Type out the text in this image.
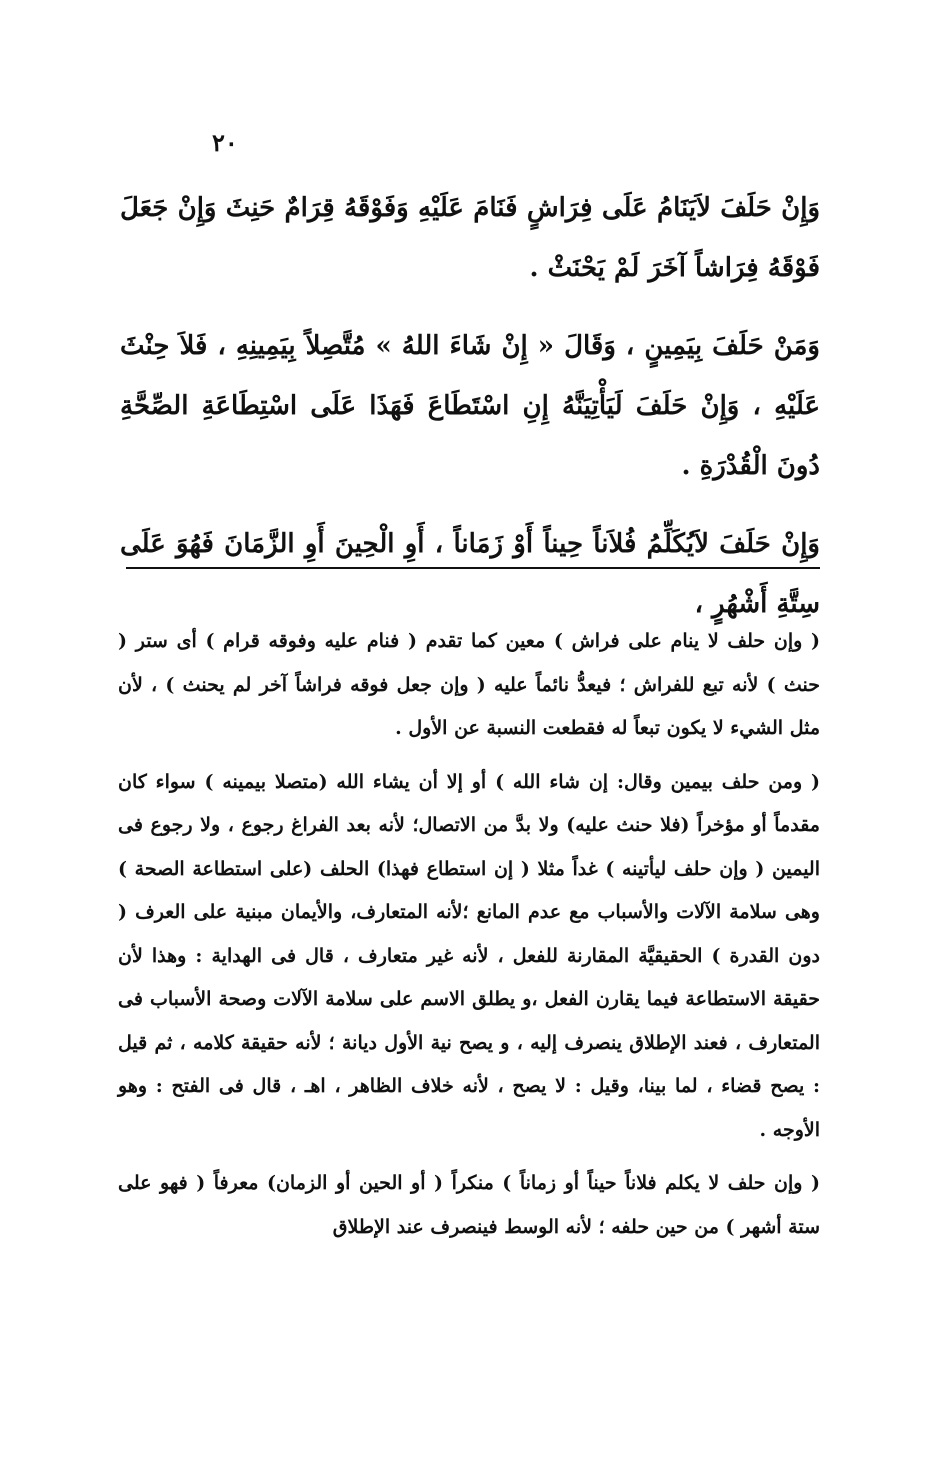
٢٠

وَإِنْ حَلَفَ لاَيَنَامُ عَلَى فِرَاشٍ فَنَامَ عَلَيْهِ وَفَوْقَهُ قِرَامٌ حَنِثَ وَإِنْ جَعَلَ فَوْقَهُ فِرَاشاً آخَرَ لَمْ يَحْنَثْ .

وَمَنْ حَلَفَ بِيَمِينٍ ، وَقَالَ « إِنْ شَاءَ اللهُ » مُتَّصِلاً بِيَمِينِهِ ، فَلاَ حِنْثَ عَلَيْهِ ، وَإِنْ حَلَفَ لَيَأْتِيَنَّهُ إِنِ اسْتَطَاعَ فَهَذَا عَلَى اسْتِطَاعَةِ الصِّحَّةِ دُونَ الْقُدْرَةِ .

وَإِنْ حَلَفَ لاَيُكَلِّمُ فُلاَناً حِيناً أَوْ زَمَاناً ، أَوِ الْحِينَ أَوِ الزَّمَانَ فَهُوَ عَلَى سِتَّةِ أَشْهُرٍ ،

( وإن حلف لا ينام على فراش ) معين كما تقدم ( فنام عليه وفوقه قرام ) أى ستر ( حنث ) لأنه تبع للفراش ؛ فيعدُّ نائماً عليه ( وإن جعل فوقه فراشاً آخر لم يحنث ) ، لأن مثل الشيء لا يكون تبعاً له فقطعت النسبة عن الأول .

( ومن حلف بيمين وقال: إن شاء الله ) أو إلا أن يشاء الله (متصلا بيمينه ) سواء كان مقدماً أو مؤخراً (فلا حنث عليه) ولا بدَّ من الاتصال؛ لأنه بعد الفراغ رجوع ، ولا رجوع فى اليمين ( وإن حلف ليأتينه ) غداً مثلا ( إن استطاع فهذا) الحلف (على استطاعة الصحة ) وهى سلامة الآلات والأسباب مع عدم المانع ؛لأنه المتعارف، والأيمان مبنية على العرف ( دون القدرة ) الحقيقيَّة المقارنة للفعل ، لأنه غير متعارف ، قال فى الهداية : وهذا لأن حقيقة الاستطاعة فيما يقارن الفعل ،و يطلق الاسم على سلامة الآلات وصحة الأسباب فى المتعارف ، فعند الإطلاق ينصرف إليه ، و يصح نية الأول ديانة ؛ لأنه حقيقة كلامه ، ثم قيل : يصح قضاء ، لما بينا، وقيل : لا يصح ، لأنه خلاف الظاهر ، اهـ ، قال فى الفتح : وهو الأوجه .

( وإن حلف لا يكلم فلاناً حيناً أو زماناً ) منكراً ( أو الحين أو الزمان) معرفاً ( فهو على ستة أشهر ) من حين حلفه ؛ لأنه الوسط فينصرف عند الإطلاق
